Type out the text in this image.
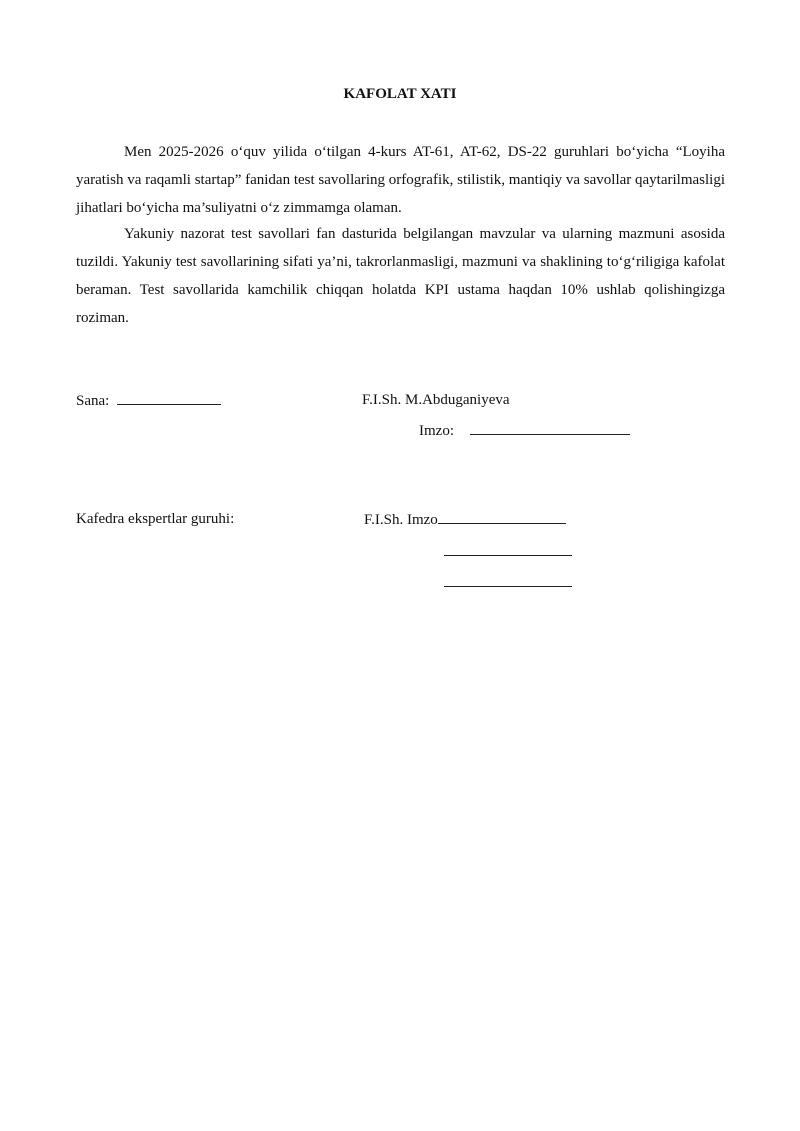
KAFOLAT XATI

Men 2025-2026 o‘quv yilida o‘tilgan 4-kurs AT-61, AT-62, DS-22 guruhlari bo‘yicha “Loyiha yaratish va raqamli startap” fanidan test savollaring orfografik, stilistik, mantiqiy va savollar qaytarilmasligi jihatlari bo‘yicha ma’suliyatni o‘z zimmamga olaman.

Yakuniy nazorat test savollari fan dasturida belgilangan mavzular va ularning mazmuni asosida tuzildi. Yakuniy test savollarining sifati ya’ni, takrorlanmasligi, mazmuni va shaklining to‘g‘riligiga kafolat beraman. Test savollarida kamchilik chiqqan holatda KPI ustama haqdan 10% ushlab qolishingizga roziman.

Sana:	F.I.Sh. M.Abduganiyeva
Imzo:
Kafedra ekspertlar guruhi:	F.I.Sh. Imzo
